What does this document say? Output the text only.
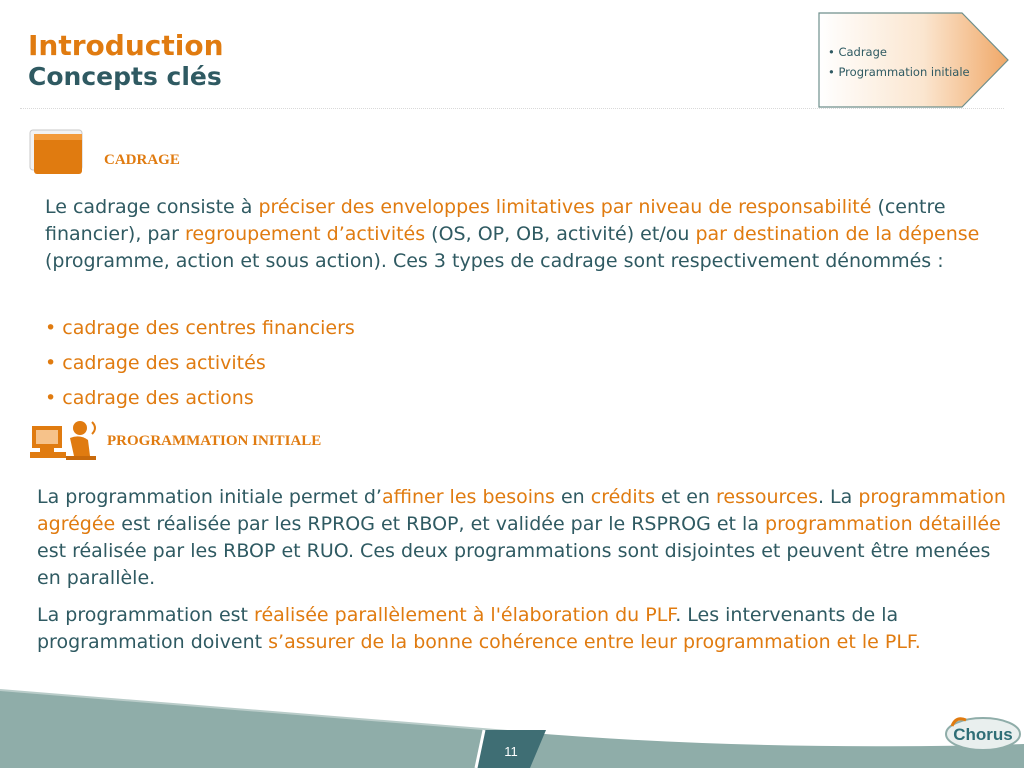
Introduction
Concepts clés
• Cadrage
• Programmation initiale
CADRAGE

Le cadrage consiste à préciser des enveloppes limitatives par niveau de responsabilité (centre financier), par regroupement d’activités (OS, OP, OB, activité) et/ou par destination de la dépense (programme, action et sous action). Ces 3 types de cadrage sont respectivement dénommés :

• cadrage des centres financiers
• cadrage des activités
• cadrage des actions
PROGRAMMATION INITIALE

La programmation initiale permet d’affiner les besoins en crédits et en ressources. La programmation agrégée est réalisée par les RPROG et RBOP, et validée par le RSPROG et la programmation détaillée est réalisée par les RBOP et RUO. Ces deux programmations sont disjointes et peuvent être menées en parallèle.

La programmation est réalisée parallèlement à l'élaboration du PLF. Les intervenants de la programmation doivent s’assurer de la bonne cohérence entre leur programmation et le PLF.

11
Chorus
